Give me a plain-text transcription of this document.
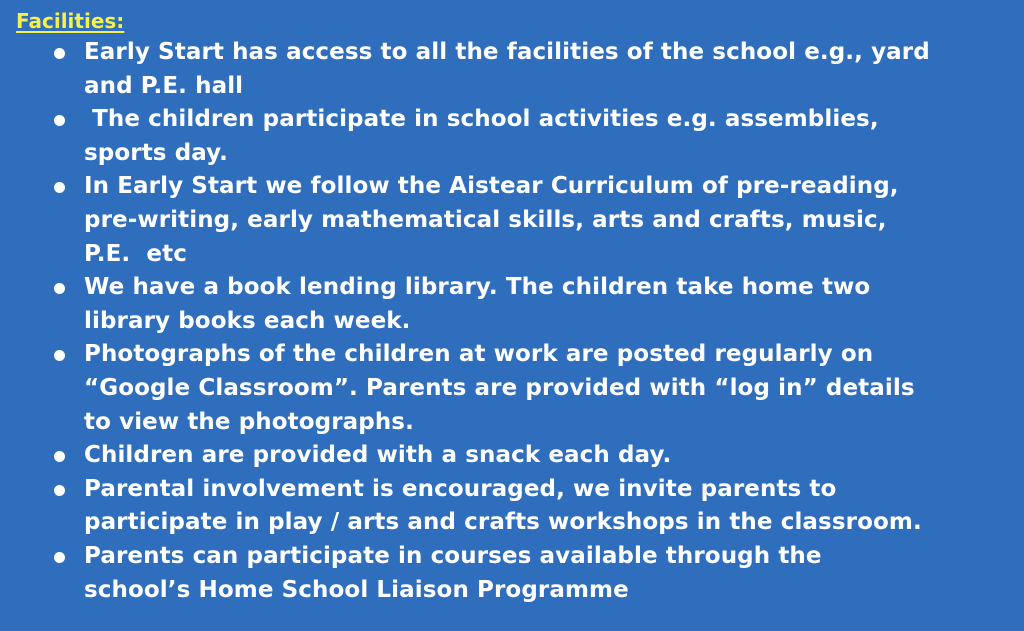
Facilities:
Early Start has access to all the facilities of the school e.g., yard
and P.E. hall
The children participate in school activities e.g. assemblies,
sports day.
In Early Start we follow the Aistear Curriculum of pre-reading,
pre-writing, early mathematical skills, arts and crafts, music,
P.E.  etc
We have a book lending library. The children take home two
library books each week.
Photographs of the children at work are posted regularly on
“Google Classroom”. Parents are provided with “log in” details
to view the photographs.
Children are provided with a snack each day.
Parental involvement is encouraged, we invite parents to
participate in play / arts and crafts workshops in the classroom.
Parents can participate in courses available through the
school’s Home School Liaison Programme
